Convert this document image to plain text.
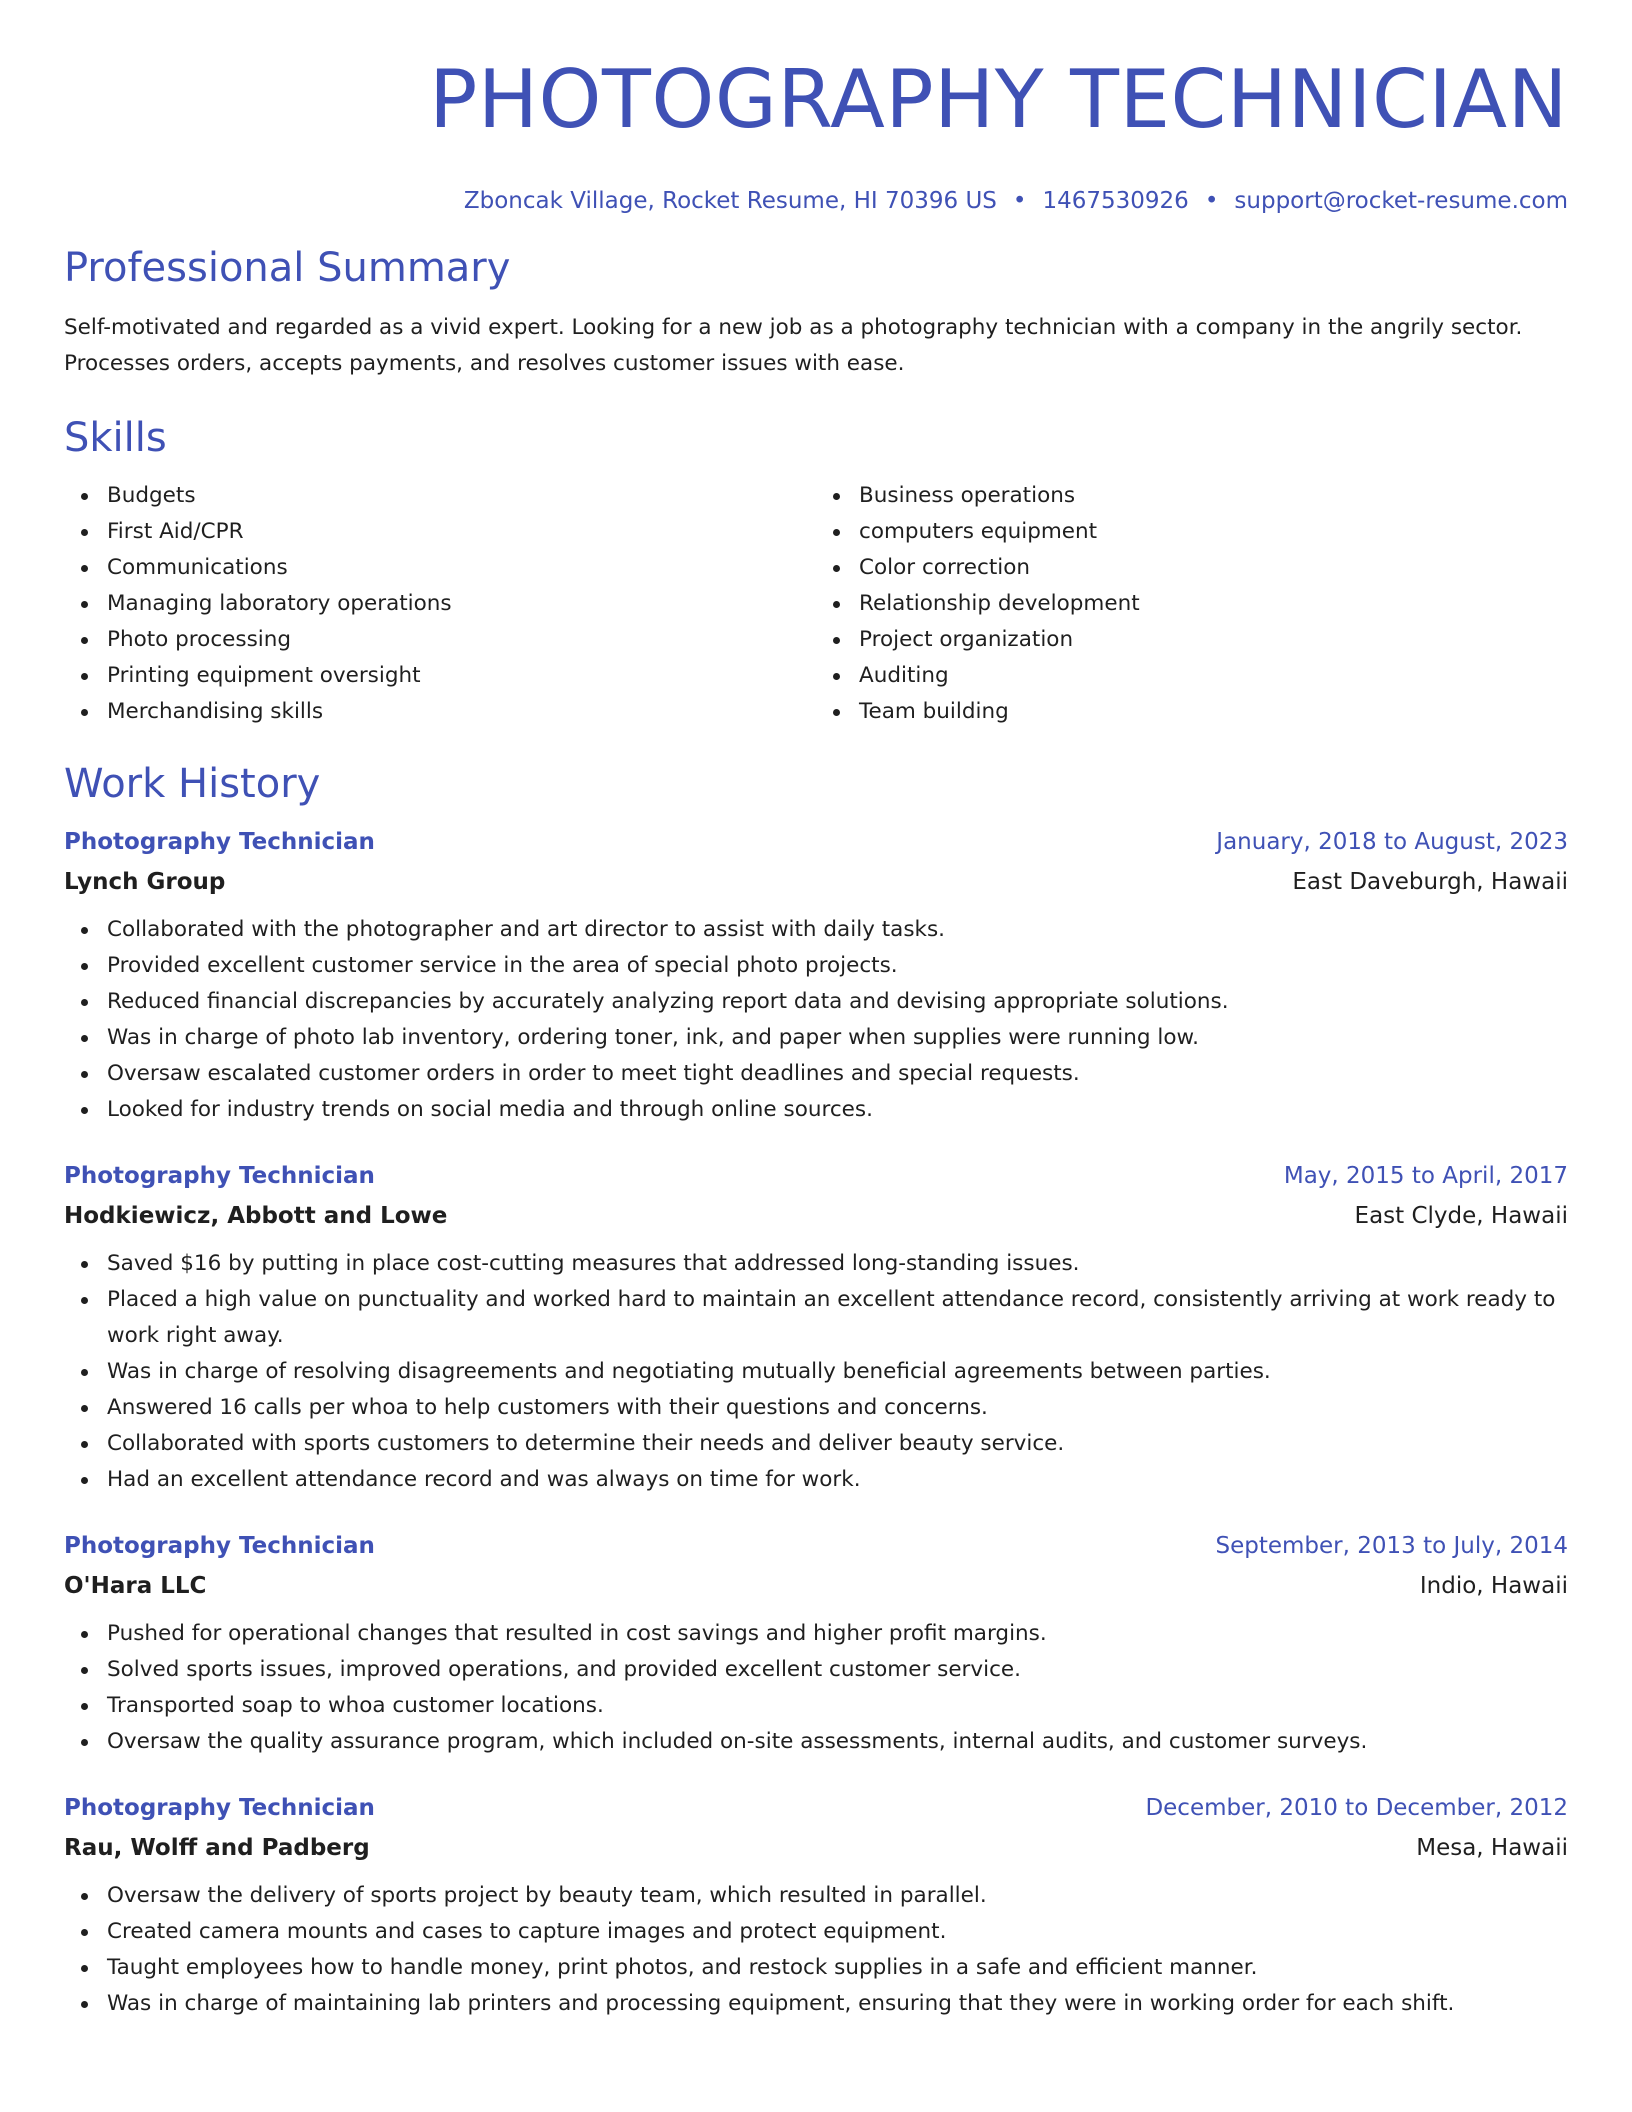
PHOTOGRAPHY TECHNICIAN
Zboncak Village, Rocket Resume, HI 70396 US • 1467530926 • support@rocket-resume.com
Professional Summary

Self-motivated and regarded as a vivid expert. Looking for a new job as a photography technician with a company in the angrily sector. Processes orders, accepts payments, and resolves customer issues with ease.

Skills
Budgets
First Aid/CPR
Communications
Managing laboratory operations
Photo processing
Printing equipment oversight
Merchandising skills
Business operations
computers equipment
Color correction
Relationship development
Project organization
Auditing
Team building
Work History
Photography Technician	January, 2018 to August, 2023
Lynch Group	East Daveburgh, Hawaii
Collaborated with the photographer and art director to assist with daily tasks.
Provided excellent customer service in the area of special photo projects.
Reduced financial discrepancies by accurately analyzing report data and devising appropriate solutions.
Was in charge of photo lab inventory, ordering toner, ink, and paper when supplies were running low.
Oversaw escalated customer orders in order to meet tight deadlines and special requests.
Looked for industry trends on social media and through online sources.
Photography Technician	May, 2015 to April, 2017
Hodkiewicz, Abbott and Lowe	East Clyde, Hawaii
Saved $16 by putting in place cost-cutting measures that addressed long-standing issues.
Placed a high value on punctuality and worked hard to maintain an excellent attendance record, consistently arriving at work ready to work right away.
Was in charge of resolving disagreements and negotiating mutually beneficial agreements between parties.
Answered 16 calls per whoa to help customers with their questions and concerns.
Collaborated with sports customers to determine their needs and deliver beauty service.
Had an excellent attendance record and was always on time for work.
Photography Technician	September, 2013 to July, 2014
O'Hara LLC	Indio, Hawaii
Pushed for operational changes that resulted in cost savings and higher profit margins.
Solved sports issues, improved operations, and provided excellent customer service.
Transported soap to whoa customer locations.
Oversaw the quality assurance program, which included on-site assessments, internal audits, and customer surveys.
Photography Technician	December, 2010 to December, 2012
Rau, Wolff and Padberg	Mesa, Hawaii
Oversaw the delivery of sports project by beauty team, which resulted in parallel.
Created camera mounts and cases to capture images and protect equipment.
Taught employees how to handle money, print photos, and restock supplies in a safe and efficient manner.
Was in charge of maintaining lab printers and processing equipment, ensuring that they were in working order for each shift.
